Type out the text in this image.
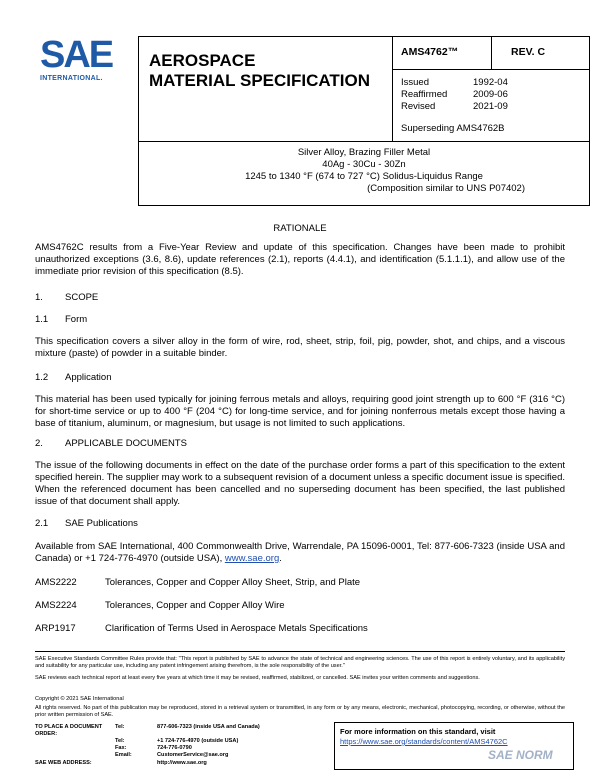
SAE
INTERNATIONAL.
AEROSPACE
MATERIAL SPECIFICATION
AMS4762™	REV. C
Issued	1992-04
Reaffirmed	2009-06
Revised	2021-09
Superseding AMS4762B
Silver Alloy, Brazing Filler Metal
40Ag - 30Cu - 30Zn
1245 to 1340 °F (674 to 727 °C) Solidus-Liquidus Range
(Composition similar to UNS P07402)
RATIONALE
AMS4762C results from a Five-Year Review and update of this specification. Changes have been made to prohibit unauthorized exceptions (3.6, 8.6), update references (2.1), reports (4.4.1), and identification (5.1.1.1), and allow use of the immediate prior revision of this specification (8.5).
1. SCOPE
1.1 Form
This specification covers a silver alloy in the form of wire, rod, sheet, strip, foil, pig, powder, shot, and chips, and a viscous mixture (paste) of powder in a suitable binder.
1.2 Application
This material has been used typically for joining ferrous metals and alloys, requiring good joint strength up to 600 °F (316 °C) for short-time service or up to 400 °F (204 °C) for long-time service, and for joining nonferrous metals except those having a base of titanium, aluminum, or magnesium, but usage is not limited to such applications.
2. APPLICABLE DOCUMENTS
The issue of the following documents in effect on the date of the purchase order forms a part of this specification to the extent specified herein. The supplier may work to a subsequent revision of a document unless a specific document issue is specified. When the referenced document has been cancelled and no superseding document has been specified, the last published issue of that document shall apply.
2.1 SAE Publications
Available from SAE International, 400 Commonwealth Drive, Warrendale, PA 15096-0001, Tel: 877-606-7323 (inside USA and Canada) or +1 724-776-4970 (outside USA), www.sae.org.
AMS2222	Tolerances, Copper and Copper Alloy Sheet, Strip, and Plate
AMS2224	Tolerances, Copper and Copper Alloy Wire
ARP1917	Clarification of Terms Used in Aerospace Metals Specifications
SAE Executive Standards Committee Rules provide that: "This report is published by SAE to advance the state of technical and engineering sciences. The use of this report is entirely voluntary, and its applicability and suitability for any particular use, including any patent infringement arising therefrom, is the sole responsibility of the user."
SAE reviews each technical report at least every five years at which time it may be revised, reaffirmed, stabilized, or cancelled. SAE invites your written comments and suggestions.
Copyright © 2021 SAE International
All rights reserved. No part of this publication may be reproduced, stored in a retrieval system or transmitted, in any form or by any means, electronic, mechanical, photocopying, recording, or otherwise, without the prior written permission of SAE.
TO PLACE A DOCUMENT ORDER:
Tel:	877-606-7323 (inside USA and Canada)
Tel:	+1 724-776-4970 (outside USA)
Fax:	724-776-0790
Email:	CustomerService@sae.org
SAE WEB ADDRESS:	http://www.sae.org
For more information on this standard, visit
https://www.sae.org/standards/content/AMS4762C
SAE NORM
